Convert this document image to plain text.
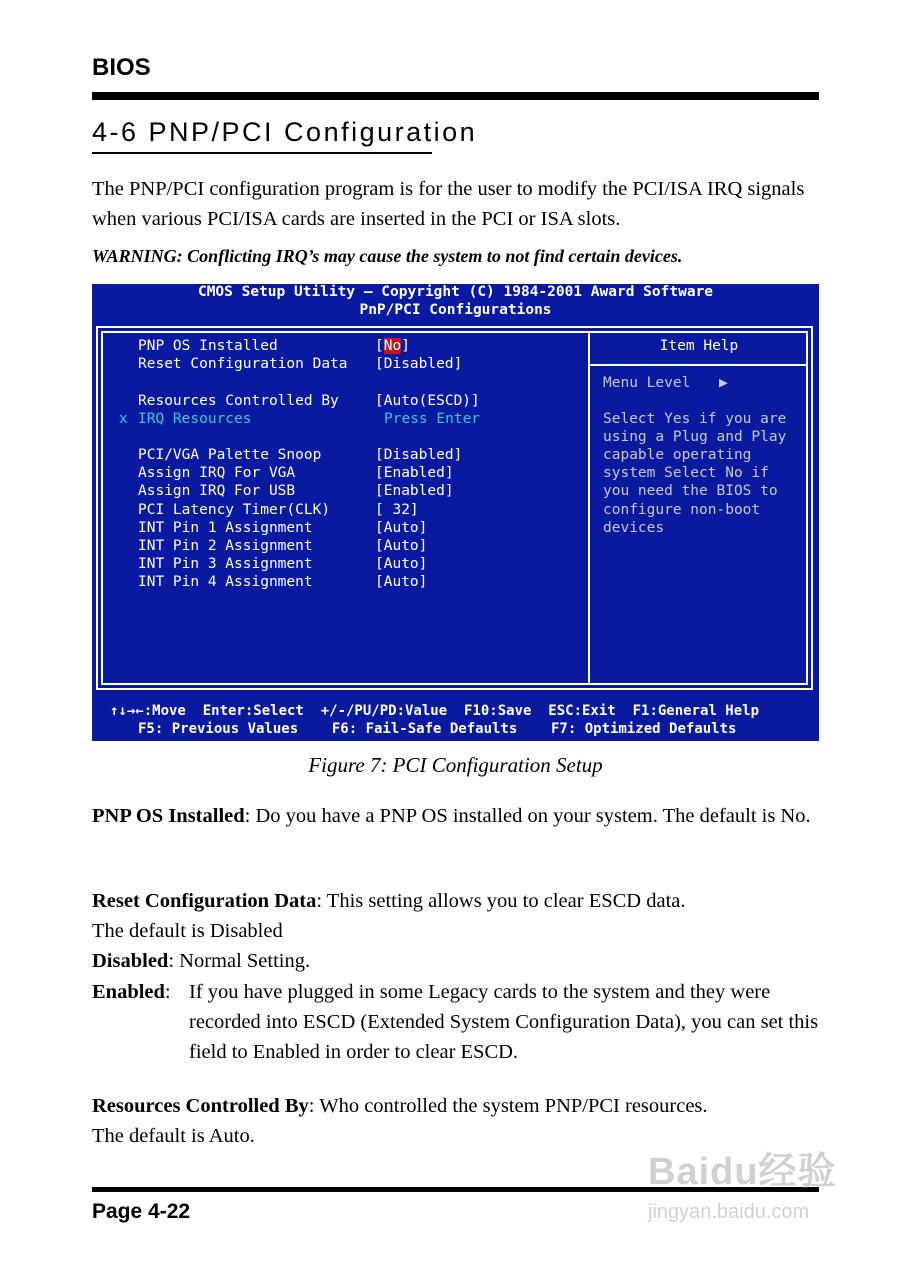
BIOS
4-6 PNP/PCI Configuration
The PNP/PCI configuration program is for the user to modify the PCI/ISA IRQ signals when various PCI/ISA cards are inserted in the PCI or ISA slots.
WARNING: Conflicting IRQ’s may cause the system to not find certain devices.
CMOS Setup Utility – Copyright (C) 1984-2001 Award Software
PnP/PCI Configurations
PNP OS Installed	[No]
Reset Configuration Data [Disabled]
Resources Controlled By [Auto(ESCD)]
x IRQ Resources	Press Enter
PCI/VGA Palette Snoop	[Disabled]
Assign IRQ For VGA	[Enabled]
Assign IRQ For USB	[Enabled]
PCI Latency Timer(CLK)	[ 32]
INT Pin 1 Assignment	[Auto]
INT Pin 2 Assignment	[Auto]
INT Pin 3 Assignment	[Auto]
INT Pin 4 Assignment	[Auto]
Item Help
Menu Level ▶
Select Yes if you are
using a Plug and Play
capable operating
system Select No if
you need the BIOS to
configure non-boot
devices
↑↓→←:Move  Enter:Select  +/-/PU/PD:Value  F10:Save  ESC:Exit  F1:General Help
F5: Previous Values    F6: Fail-Safe Defaults    F7: Optimized Defaults
Figure 7: PCI Configuration Setup
PNP OS Installed: Do you have a PNP OS installed on your system. The default is No.
Reset Configuration Data: This setting allows you to clear ESCD data.
The default is Disabled
Disabled: Normal Setting.
Enabled: If you have plugged in some Legacy cards to the system and they were recorded into ESCD (Extended System Configuration Data), you can set this field to Enabled in order to clear ESCD.
Resources Controlled By: Who controlled the system PNP/PCI resources.
The default is Auto.
Page 4-22
Baidu经验
jingyan.baidu.com
